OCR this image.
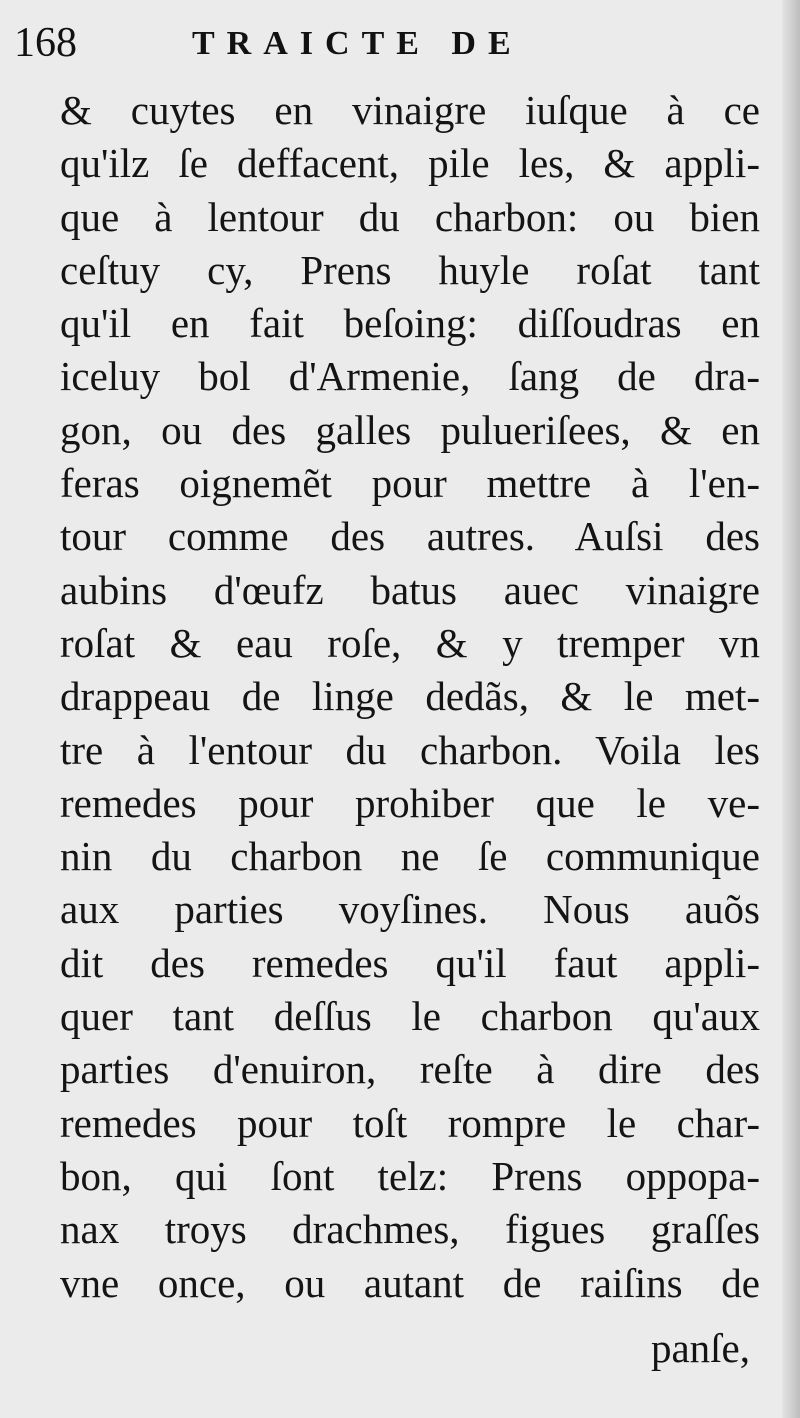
168	TRAICTE DE
& cuytes en vinaigre iuſque à ce
qu'ilz ſe deffacent, pile les, & appli-
que à lentour du charbon: ou bien
ceſtuy cy, Prens huyle roſat tant
qu'il en fait beſoing: diſſoudras en
iceluy bol d'Armenie, ſang de dra-
gon, ou des galles pulueriſees, & en
feras oignemẽt pour mettre à l'en-
tour comme des autres. Auſsi des
aubins d'œufz batus auec vinaigre
roſat & eau roſe, & y tremper vn
drappeau de linge dedãs, & le met-
tre à l'entour du charbon. Voila les
remedes pour prohiber que le ve-
nin du charbon ne ſe communique
aux parties voyſines. Nous auõs
dit des remedes qu'il faut appli-
quer tant deſſus le charbon qu'aux
parties d'enuiron, reſte à dire des
remedes pour toſt rompre le char-
bon, qui ſont telz: Prens oppopa-
nax troys drachmes, figues graſſes
vne once, ou autant de raiſins de
panſe,
